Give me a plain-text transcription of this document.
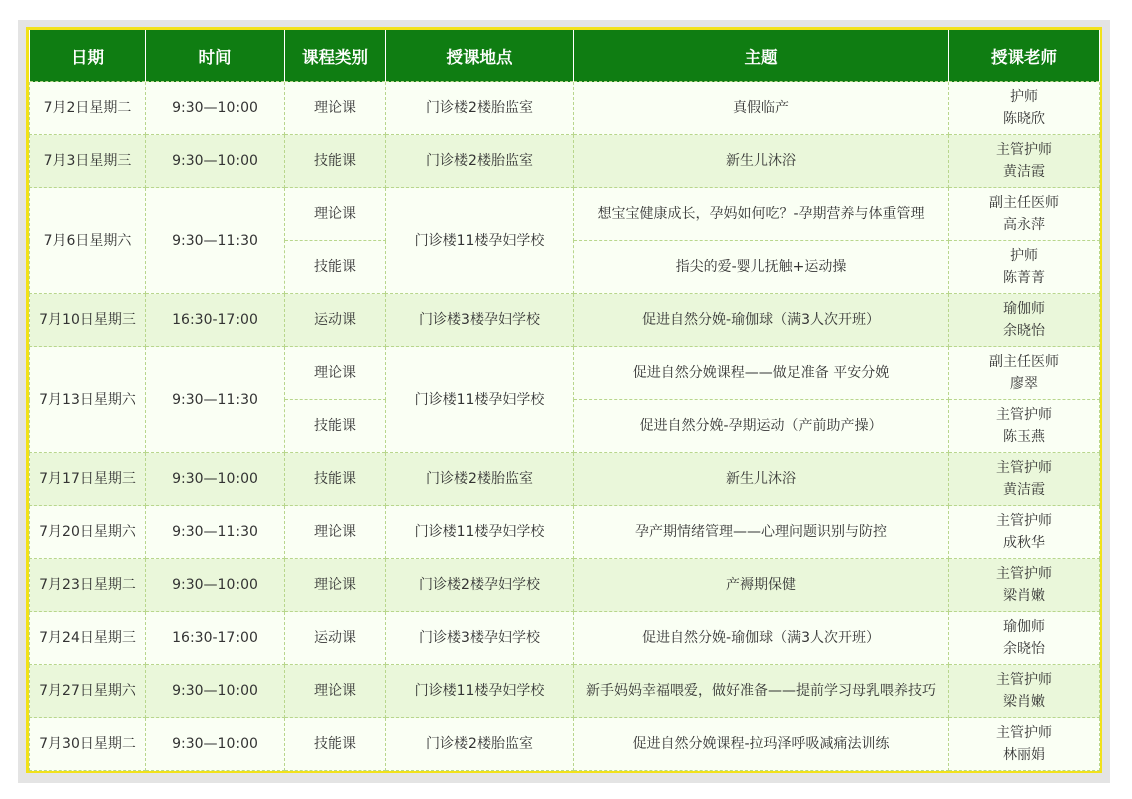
日期	时间	课程类别	授课地点	主题	授课老师
7月2日星期二	9:30—10:00	理论课	门诊楼2楼胎监室	真假临产	护师
陈晓欣

7月3日星期三	9:30—10:00	技能课	门诊楼2楼胎监室	新生儿沐浴	主管护师
黄洁霞

7月6日星期六	9:30—11:30	理论课	门诊楼11楼孕妇学校	想宝宝健康成长，孕妈如何吃？-孕期营养与体重管理	副主任医师
高永萍

		技能课		指尖的爱-婴儿抚触+运动操	护师
陈菁菁

7月10日星期三	16:30-17:00	运动课	门诊楼3楼孕妇学校	促进自然分娩-瑜伽球（满3人次开班）	瑜伽师
余晓怡

7月13日星期六	9:30—11:30	理论课	门诊楼11楼孕妇学校	促进自然分娩课程——做足准备 平安分娩	副主任医师
廖翠

		技能课		促进自然分娩-孕期运动（产前助产操）	主管护师
陈玉燕

7月17日星期三	9:30—10:00	技能课	门诊楼2楼胎监室	新生儿沐浴	主管护师
黄洁霞

7月20日星期六	9:30—11:30	理论课	门诊楼11楼孕妇学校	孕产期情绪管理——心理问题识别与防控	主管护师
成秋华

7月23日星期二	9:30—10:00	理论课	门诊楼2楼孕妇学校	产褥期保健	主管护师
梁肖嫩

7月24日星期三	16:30-17:00	运动课	门诊楼3楼孕妇学校	促进自然分娩-瑜伽球（满3人次开班）	瑜伽师
余晓怡

7月27日星期六	9:30—10:00	理论课	门诊楼11楼孕妇学校	新手妈妈幸福喂爱，做好准备——提前学习母乳喂养技巧	主管护师
梁肖嫩

7月30日星期二	9:30—10:00	技能课	门诊楼2楼胎监室	促进自然分娩课程-拉玛泽呼吸减痛法训练	主管护师
林丽娟
